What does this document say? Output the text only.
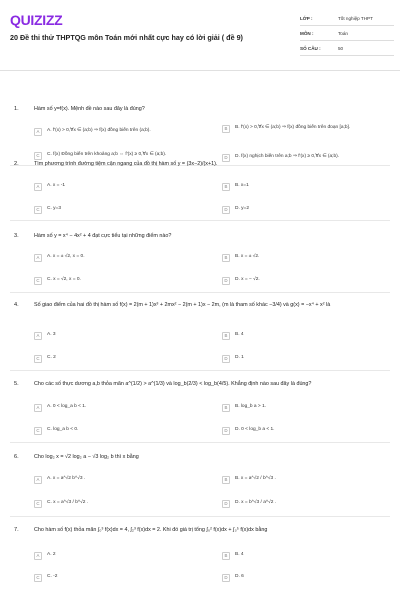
QUIZIZZ
20 Đề thi thử THPTQG môn Toán mới nhất cực hay có lời giải ( đề 9)
LỚP :	Tốt nghiệp THPT
MÔN :	Toán
SỐ CÂU :	50
1.	Hàm số y=f(x). Mệnh đề nào sau đây là đúng?
A	A. f′(x) > 0,∀x ∈ (a;b) ⇒ f(x) đồng biến trên (a;b).	B	B. f′(x) > 0,∀x ∈ (a;b) ⇒ f(x) đồng biến trên đoạn [a;b].
C	C. f(x) Đồng biến trên khoảng a;b ⇔ f′(x) ≥ 0,∀x ∈ (a;b).
D	D. f(x) nghịch biến trên a;b ⇒ f′(x) ≥ 0,∀x ∈ (a;b).
2.	Tìm phương trình đường tiệm cận ngang của đồ thị hàm số y = (3x−2)/(x+1).
A	A. x = -1	B	B. x=1
C	C. y=3	D	D. y=2
3.	Hàm số y = x⁴ − 4x² + 4 đạt cực tiểu tại những điểm nào?
A	A. x = ± √2, x = 0.	B	B. x = ± √2.
C	C. x = √2, x = 0.	D	D. x = − √2.
4.	Số giao điểm của hai đồ thị hàm số f(x) = 2(m + 1)x³ + 2mx² − 2(m + 1)x − 2m, (m là tham số khác −3/4) và g(x) = −x⁴ + x² là
A	A. 3	B	B. 4
C	C. 2	D	D. 1
5.	Cho các số thực dương a,b thỏa mãn a^(1/2) > a^(1/3) và log_b(2/3) < log_b(4/5). Khẳng định nào sau đây là đúng?
A	A. 0 < log_a b < 1.	B	B. log_b a > 1.
C	C. log_a b < 0.	D	D. 0 < log_b a < 1.
6.	Cho log₂ x = √2 log₂ a − √3 log₂ b thì x bằng
A	A. x = a^√2 b^√3 .	B	B. x = a^√2 / b^√3 .
C	C. x = a^√3 / b^√2 .	D	D. x = b^√3 / a^√2 .
7.	Cho hàm số f(x) thỏa mãn ∫₀³ f(x)dx = 4, ∫₂³ f(x)dx = 2. Khi đó giá trị tổng ∫₀² f(x)dx + ∫₃⁵ f(x)dx bằng
A	A. 2	B	B. 4
C	C. -2	D	D. 6
